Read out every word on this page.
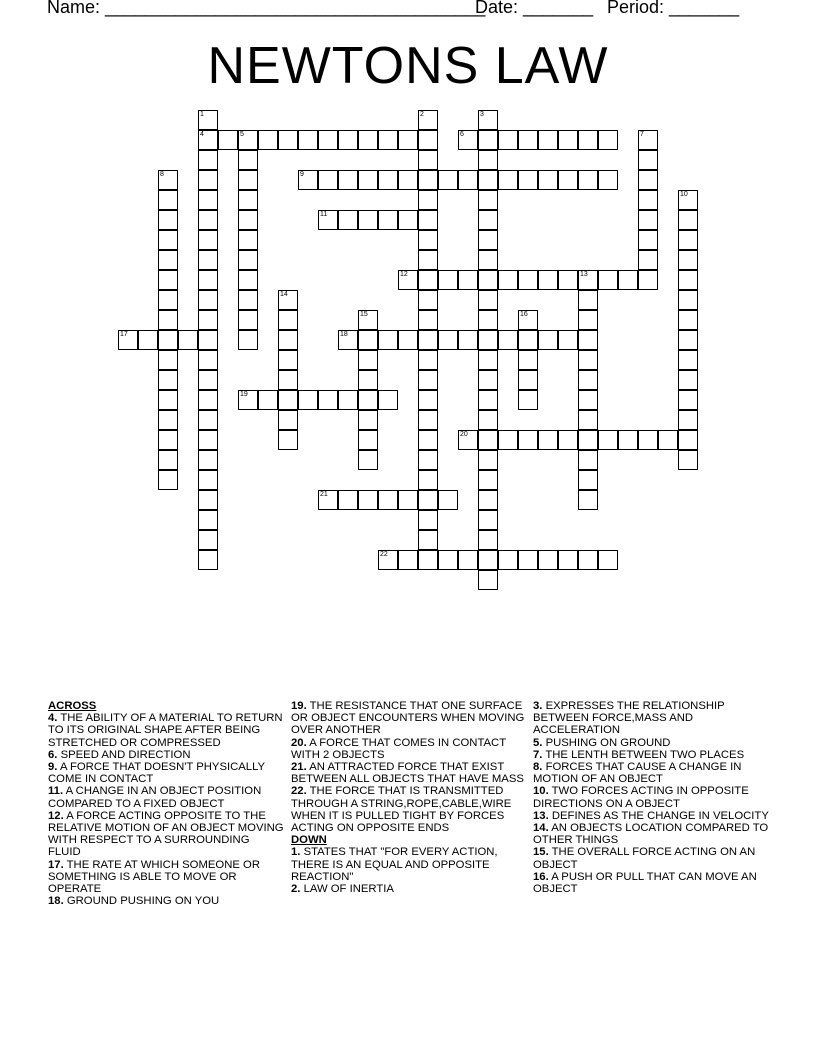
Name: ______________________________________
Date: _______ Period: _______
NEWTONS LAW
4	5	6
9
11
12	13
17	18
19
20
21
22
1	2	3
7
8
10
14
15	16
ACROSS
4. THE ABILITY OF A MATERIAL TO RETURN TO ITS ORIGINAL SHAPE AFTER BEING STRETCHED OR COMPRESSED
6. SPEED AND DIRECTION
9. A FORCE THAT DOESN'T PHYSICALLY COME IN CONTACT
11. A CHANGE IN AN OBJECT POSITION COMPARED TO A FIXED OBJECT
12. A FORCE ACTING OPPOSITE TO THE RELATIVE MOTION OF AN OBJECT MOVING WITH RESPECT TO A SURROUNDING FLUID
17. THE RATE AT WHICH SOMEONE OR SOMETHING IS ABLE TO MOVE OR OPERATE
18. GROUND PUSHING ON YOU
19. THE RESISTANCE THAT ONE SURFACE OR OBJECT ENCOUNTERS WHEN MOVING OVER ANOTHER
20. A FORCE THAT COMES IN CONTACT WITH 2 OBJECTS
21. AN ATTRACTED FORCE THAT EXIST BETWEEN ALL OBJECTS THAT HAVE MASS
22. THE FORCE THAT IS TRANSMITTED THROUGH A STRING,ROPE,CABLE,WIRE WHEN IT IS PULLED TIGHT BY FORCES ACTING ON OPPOSITE ENDS
DOWN
1. STATES THAT "FOR EVERY ACTION, THERE IS AN EQUAL AND OPPOSITE REACTION"
2. LAW OF INERTIA
3. EXPRESSES THE RELATIONSHIP BETWEEN FORCE,MASS AND ACCELERATION
5. PUSHING ON GROUND
7. THE LENTH BETWEEN TWO PLACES
8. FORCES THAT CAUSE A CHANGE IN MOTION OF AN OBJECT
10. TWO FORCES ACTING IN OPPOSITE DIRECTIONS ON A OBJECT
13. DEFINES AS THE CHANGE IN VELOCITY
14. AN OBJECTS LOCATION COMPARED TO OTHER THINGS
15. THE OVERALL FORCE ACTING ON AN OBJECT
16. A PUSH OR PULL THAT CAN MOVE AN OBJECT
